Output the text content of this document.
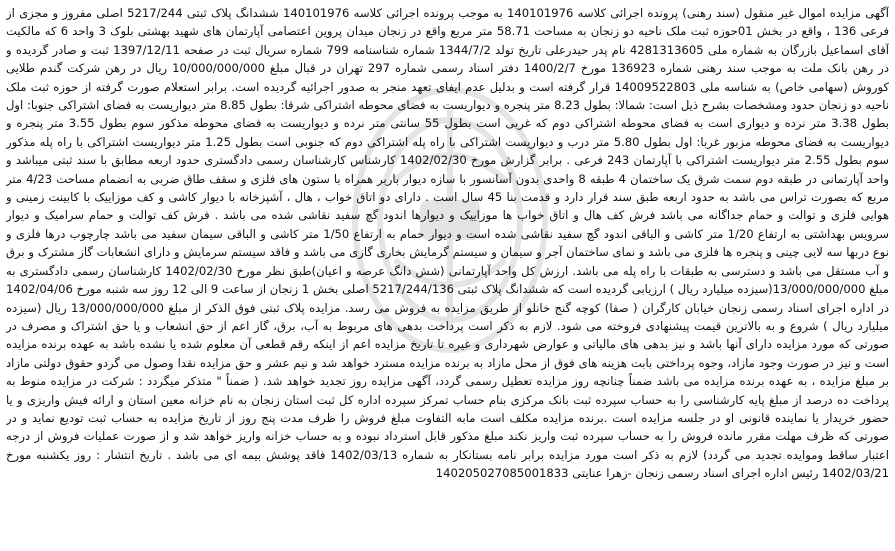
آگهی مزایده اموال غیر منقول (سند رهنی) پرونده اجرائی کلاسه 140101976 به موجب پرونده اجرائی کلاسه 140101976 ششدانگ پلاک ثبتی 5217/244 اصلی مفروز و مجزی از فرعی 136 ، واقع در بخش 01حوزه ثبت ملک ناحیه دو زنجان به مساحت 58.71 متر مربع واقع در زنجان میدان پروین اعتصامی آپارتمان های شهید بهشتی بلوک 3 واحد 6 که مالکیت آقای اسماعیل بازرگان به شماره ملی 4281313605 نام پدر حیدرعلی تاریخ تولد 1344/7/2 شماره شناسنامه 799 شماره سریال ثبت در صفحه 1397/12/11 ثبت و صادر گردیده و در رهن بانک ملت به موجب سند رهنی شماره 136923 مورخ 1400/2/7 دفتر اسناد رسمی شماره 297 تهران در قبال مبلغ 10/000/000/000 ریال در رهن شرکت گندم طلایی کوروش (سهامی خاص) به شناسه ملی 14009522803 قرار گرفته است و بدلیل عدم ایفای تعهد منجر به صدور اجرائیه گردیده است. برابر استعلام صورت گرفته از حوزه ثبت ملک ناحیه دو زنجان حدود ومشخصات بشرح ذیل است: شمالا: بطول 8.23 متر پنجره و دیواریست به فضای محوطه اشتراکی شرقا: بطول 8.85 متر دیواریست به فضای اشتراکی جنوبا: اول بطول 3.38 متر نرده و دیواری است به فضای محوطه اشتراکی دوم که غربی است بطول 55 سانتی متر نرده و دیواریست به فضای محوطه مذکور سوم بطول 3.55 متر پنجره و دیواریست به فضای محوطه مزبور غربا: اول بطول 5.80 متر درب و دیواریست اشتراکی با راه پله اشتراکی دوم که جنوبی است بطول 1.25 متر دیواریست اشتراکی با راه پله مذکور سوم بطول 2.55 متر دیواریست اشتراکی با آپارتمان 243 فرعی . برابر گزارش مورخ 1402/02/30 کارشناس کارشناسان رسمی دادگستری حدود اربعه مطابق با سند ثبتی میباشد و واحد آپارتمانی در طبقه دوم سمت شرق یک ساختمان 4 طبقه 8 واحدی بدون آسانسور با سازه دیوار باربر همراه با ستون های فلزی و سقف طاق ضربی به انضمام مساحت 4/23 متر مربع که بصورت تراس می باشد به حدود اربعه طبق سند قرار دارد و قدمت بنا 45 سال است . دارای دو اتاق خواب ، هال ، آشپزخانه با دیوار کاشی و کف موزاییک با کابینت زمینی و هوایی فلزی و توالت و حمام جداگانه می باشد فرش کف هال و اتاق خواب ها موزاییک و دیوارها اندود گچ سفید نقاشی شده می باشد . فرش کف توالت و حمام سرامیک و دیوار سرویس بهداشتی به ارتفاع 1/20 متر کاشی و الباقی اندود گچ سفید نقاشی شده است و دیوار حمام به ارتفاع 1/50 متر کاشی و الباقی سیمان سفید می باشد چارچوب درها فلزی و نوع دربها سه لایی چینی و پنجره ها فلزی می باشد و نمای ساختمان آجر و سیمان و سیستم گرمایش بخاری گازی می باشد و فاقد سیستم سرمایش و دارای انشعابات گاز مشترک و برق و آب مستقل می باشد و دسترسی به طبقات با راه پله می باشد. ارزش کل واحد آپارتمانی (شش دانگ عرصه و اعیان)طبق نظر مورخ 1402/02/30 کارشناسان رسمی دادگستری به مبلغ 13/000/000/000(سیزده میلیارد ریال ) ارزیابی گردیده است که ششدانگ پلاک ثبتی 5217/244/136 اصلی بخش 1 زنجان از ساعت 9 الی 12 روز سه شنبه مورخ 1402/04/06 در اداره اجرای اسناد رسمی زنجان خیابان کارگران ( صفا) کوچه گنج خانلو از طریق مزایده به فروش می رسد. مزایده پلاک ثبتی فوق الذکر از مبلغ 13/000/000/000 ریال (سیزده میلیارد ریال ) شروع و به بالاترین قیمت پیشنهادی فروخته می شود. لازم به ذکر است پرداخت بدهی های مربوط به آب، برق، گاز اعم از حق انشعاب و یا حق اشتراک و مصرف در صورتی که مورد مزایده دارای آنها باشد و نیز بدهی های مالیاتی و عوارض شهرداری و غیره تا تاریخ مزایده اعم از اینکه رقم قطعی آن معلوم شده یا نشده باشد به عهده برنده مزایده است و نیز در صورت وجود مازاد، وجوه پرداختی بابت هزینه های فوق از محل مازاد به برنده مزایده مسترد خواهد شد و نیم عشر و حق مزایده نقدا وصول می گردو حقوق دولتی مازاد بر مبلغ مزایده ، به عهده برنده مزایده می باشد ضمناً چنانچه روز مزایده تعطیل رسمی گردد، آگهی مزایده روز تجدید خواهد شد. ( ضمناً " متذکر میگردد : شرکت در مزایده منوط به پرداخت ده درصد از مبلغ پایه کارشناسی را به حساب سپرده ثبت بانک مرکزی بنام حساب تمرکز سپرده اداره کل ثبت استان زنجان به نام خزانه معین استان و ارائه فیش واریزی و یا حضور خریدار یا نماینده قانونی او در جلسه مزایده است .برنده مزایده مکلف است مابه التفاوت مبلغ فروش را ظرف مدت پنج روز از تاریخ مزایده به حساب ثبت تودیع نماید و در صورتی که ظرف مهلت مقرر مانده فروش را به حساب سپرده ثبت واریز نکند مبلغ مذکور قابل استرداد نبوده و به حساب خزانه واریز خواهد شد و از صورت عملیات فروش از درجه اعتبار ساقط وموایده تجدید می گردد) لازم به ذکر است مورد مزایده برابر نامه بستانکار به شماره 1402/03/13 فاقد پوشش بیمه ای می باشد . تاریخ انتشار : روز یکشنبه مورخ 1402/03/21 رئیس اداره اجرای اسناد رسمی زنجان -زهرا عنایتی 140205027085001833
